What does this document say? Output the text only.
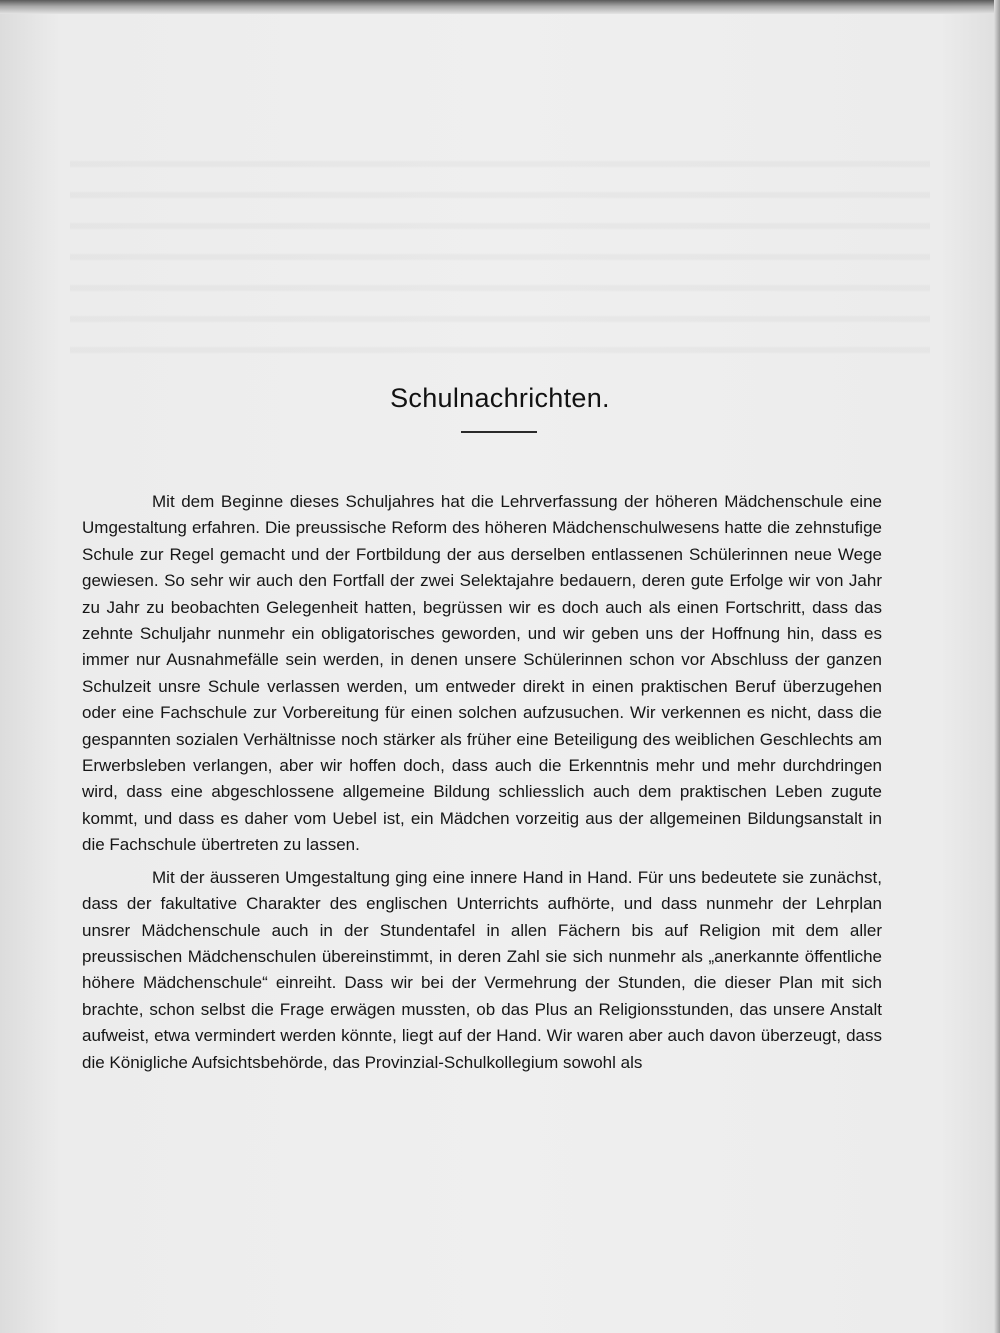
Schulnachrichten.

Mit dem Beginne dieses Schuljahres hat die Lehrverfassung der höheren Mädchenschule eine Umgestaltung erfahren. Die preussische Reform des höheren Mädchenschulwesens hatte die zehnstufige Schule zur Regel gemacht und der Fortbildung der aus derselben entlassenen Schülerinnen neue Wege gewiesen. So sehr wir auch den Fortfall der zwei Selektajahre bedauern, deren gute Erfolge wir von Jahr zu Jahr zu beobachten Gelegenheit hatten, begrüssen wir es doch auch als einen Fortschritt, dass das zehnte Schuljahr nunmehr ein obligatorisches geworden, und wir geben uns der Hoffnung hin, dass es immer nur Ausnahmefälle sein werden, in denen unsere Schülerinnen schon vor Abschluss der ganzen Schulzeit unsre Schule verlassen werden, um entweder direkt in einen praktischen Beruf überzugehen oder eine Fachschule zur Vorbereitung für einen solchen aufzusuchen. Wir verkennen es nicht, dass die gespannten sozialen Verhältnisse noch stärker als früher eine Beteiligung des weiblichen Geschlechts am Erwerbsleben verlangen, aber wir hoffen doch, dass auch die Erkenntnis mehr und mehr durchdringen wird, dass eine abgeschlossene allgemeine Bildung schliesslich auch dem praktischen Leben zugute kommt, und dass es daher vom Uebel ist, ein Mädchen vorzeitig aus der allgemeinen Bildungsanstalt in die Fachschule übertreten zu lassen.

Mit der äusseren Umgestaltung ging eine innere Hand in Hand. Für uns bedeutete sie zunächst, dass der fakultative Charakter des englischen Unterrichts aufhörte, und dass nunmehr der Lehrplan unsrer Mädchenschule auch in der Stundentafel in allen Fächern bis auf Religion mit dem aller preussischen Mädchenschulen übereinstimmt, in deren Zahl sie sich nunmehr als „anerkannte öffentliche höhere Mädchenschule“ einreiht. Dass wir bei der Vermehrung der Stunden, die dieser Plan mit sich brachte, schon selbst die Frage erwägen mussten, ob das Plus an Religionsstunden, das unsere Anstalt aufweist, etwa vermindert werden könnte, liegt auf der Hand. Wir waren aber auch davon überzeugt, dass die Königliche Aufsichtsbehörde, das Provinzial-Schulkollegium sowohl als
